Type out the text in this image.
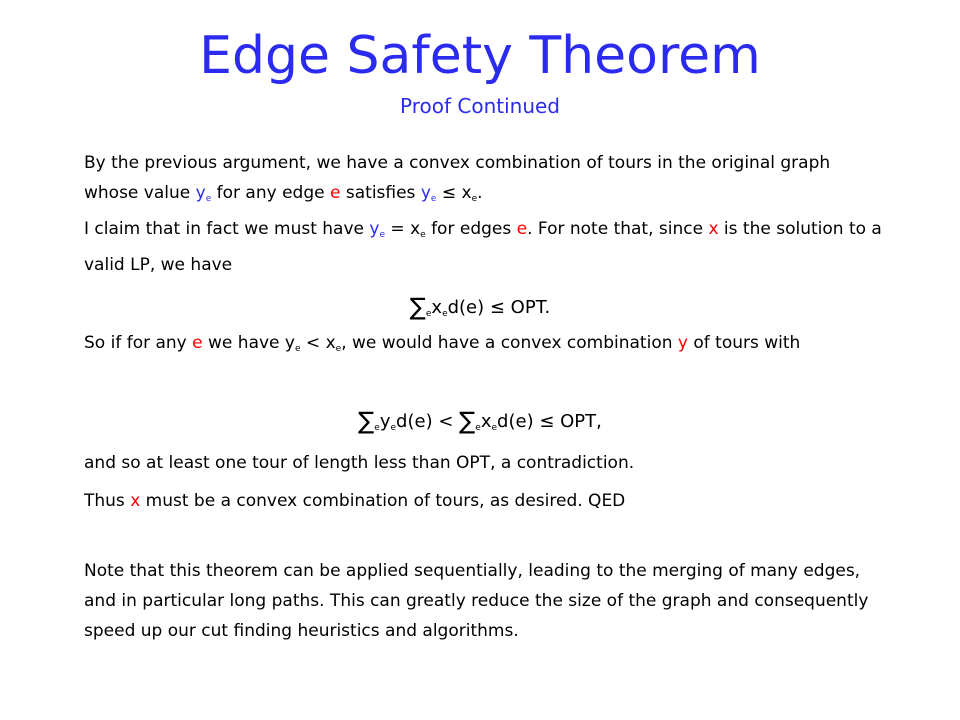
Edge Safety Theorem
Proof Continued
By the previous argument, we have a convex combination of tours in the original graph whose value $y_e$ for any edge e satisfies $y_e \le x_e$.
I claim that in fact we must have $y_e = x_e$ for edges e. For note that, since x is the solution to a valid LP, we have
$\sum_ex_ed(e)$ ≤ OPT.
So if for any e we have $y_e < x_e$, we would have a convex combination y of tours with
$\sum_ey_ed(e) < \sum_ex_ed(e)$ ≤ OPT,
and so at least one tour of length less than OPT, a contradiction.
Thus x must be a convex combination of tours, as desired. QED
Note that this theorem can be applied sequentially, leading to the merging of many edges, and in particular long paths. This can greatly reduce the size of the graph and consequently speed up our cut finding heuristics and algorithms.
